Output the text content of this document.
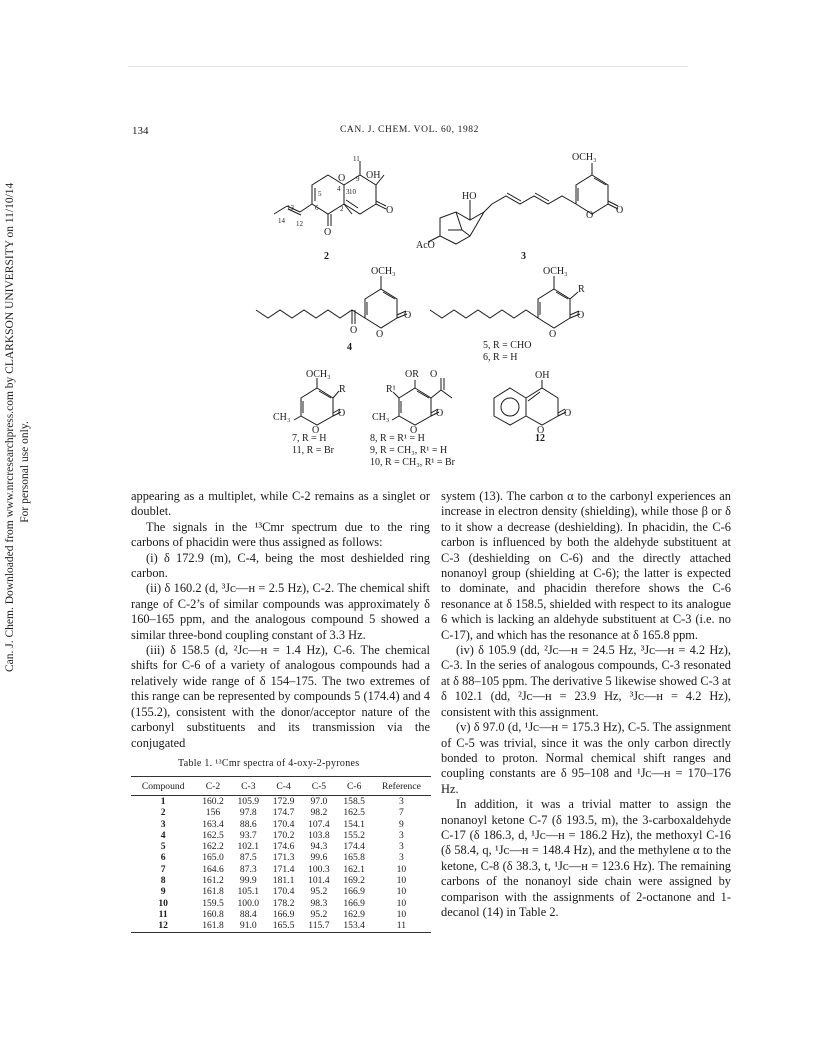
134	CAN. J. CHEM. VOL. 60, 1982
Can. J. Chem. Downloaded from www.nrcresearchpress.com by CLARKSON UNIVERSITY on 11/10/14 For personal use only.
O
11
OH
9
10
4 3
5
6	2	O
O
13
14 12
OCH₃
O O
HO
AcO
OCH₃
O
O
O
OCH₃
R
O
O
OCH₃
R
CH₃
O
O
OR O
R¹
CH₃
O
O
OH
O
O
2	3
4	5, R = CHO
6, R = H
7, R = H
11, R = Br
8, R = R¹ = H
9, R = CH₃, R¹ = H
10, R = CH₃, R¹ = Br
12

appearing as a multiplet, while C-2 remains as a singlet or doublet.

The signals in the ¹³Cmr spectrum due to the ring carbons of phacidin were thus assigned as follows:

(i) δ 172.9 (m), C-4, being the most deshielded ring carbon.

(ii) δ 160.2 (d, ³Jᴄ—ʜ = 2.5 Hz), C-2. The chemical shift range of C-2’s of similar compounds was approximately δ 160–165 ppm, and the analogous compound 5 showed a similar three-bond coupling constant of 3.3 Hz.

(iii) δ 158.5 (d, ²Jᴄ—ʜ = 1.4 Hz), C-6. The chemical shifts for C-6 of a variety of analogous compounds had a relatively wide range of δ 154–175. The two extremes of this range can be represented by compounds 5 (174.4) and 4 (155.2), consistent with the donor/acceptor nature of the carbonyl substituents and its transmission via the conjugated

Table 1. ¹³Cmr spectra of 4-oxy-2-pyrones
Compound	C-2	C-3	C-4	C-5	C-6	Reference
1	160.2	105.9	172.9	97.0	158.5	3
2	156	97.8	174.7	98.2	162.5	7
3	163.4	88.6	170.4	107.4	154.1	9
4	162.5	93.7	170.2	103.8	155.2	3
5	162.2	102.1	174.6	94.3	174.4	3
6	165.0	87.5	171.3	99.6	165.8	3
7	164.6	87.3	171.4	100.3	162.1	10
8	161.2	99.9	181.1	101.4	169.2	10
9	161.8	105.1	170.4	95.2	166.9	10
10	159.5	100.0	178.2	98.3	166.9	10
11	160.8	88.4	166.9	95.2	162.9	10
12	161.8	91.0	165.5	115.7	153.4	11

system (13). The carbon α to the carbonyl experiences an increase in electron density (shielding), while those β or δ to it show a decrease (deshielding). In phacidin, the C-6 carbon is influenced by both the aldehyde substituent at C-3 (deshielding on C-6) and the directly attached nonanoyl group (shielding at C-6); the latter is expected to dominate, and phacidin therefore shows the C-6 resonance at δ 158.5, shielded with respect to its analogue 6 which is lacking an aldehyde substituent at C-3 (i.e. no C-17), and which has the resonance at δ 165.8 ppm.

(iv) δ 105.9 (dd, ²Jᴄ—ʜ = 24.5 Hz, ³Jᴄ—ʜ = 4.2 Hz), C-3. In the series of analogous compounds, C-3 resonated at δ 88–105 ppm. The derivative 5 likewise showed C-3 at δ 102.1 (dd, ²Jᴄ—ʜ = 23.9 Hz, ³Jᴄ—ʜ = 4.2 Hz), consistent with this assignment.

(v) δ 97.0 (d, ¹Jᴄ—ʜ = 175.3 Hz), C-5. The assignment of C-5 was trivial, since it was the only carbon directly bonded to proton. Normal chemical shift ranges and coupling constants are δ 95–108 and ¹Jᴄ—ʜ = 170–176 Hz.

In addition, it was a trivial matter to assign the nonanoyl ketone C-7 (δ 193.5, m), the 3-carboxaldehyde C-17 (δ 186.3, d, ¹Jᴄ—ʜ = 186.2 Hz), the methoxyl C-16 (δ 58.4, q, ¹Jᴄ—ʜ = 148.4 Hz), and the methylene α to the ketone, C-8 (δ 38.3, t, ¹Jᴄ—ʜ = 123.6 Hz). The remaining carbons of the nonanoyl side chain were assigned by comparison with the assignments of 2-octanone and 1-decanol (14) in Table 2.
